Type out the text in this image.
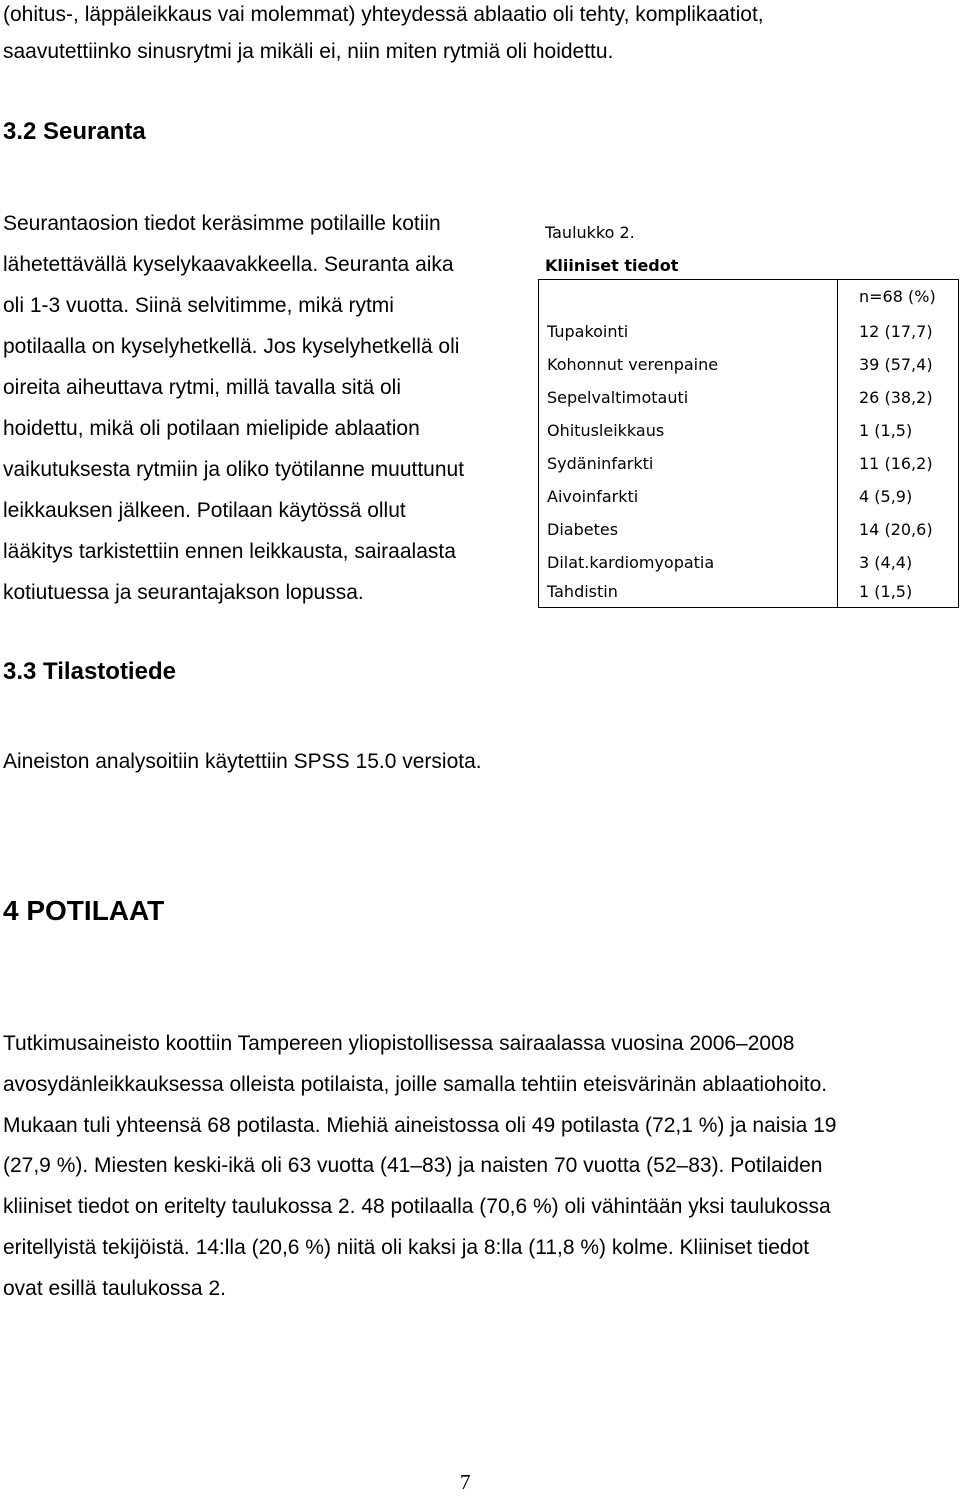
(ohitus-, läppäleikkaus vai molemmat) yhteydessä ablaatio oli tehty, komplikaatiot,
saavutettiinko sinusrytmi ja mikäli ei, niin miten rytmiä oli hoidettu.
3.2 Seuranta
Seurantaosion tiedot keräsimme potilaille kotiin
lähetettävällä kyselykaavakkeella. Seuranta aika
oli 1-3 vuotta. Siinä selvitimme, mikä rytmi
potilaalla on kyselyhetkellä. Jos kyselyhetkellä oli
oireita aiheuttava rytmi, millä tavalla sitä oli
hoidettu, mikä oli potilaan mielipide ablaation
vaikutuksesta rytmiin ja oliko työtilanne muuttunut
leikkauksen jälkeen. Potilaan käytössä ollut
lääkitys tarkistettiin ennen leikkausta, sairaalasta
kotiutuessa ja seurantajakson lopussa.
Taulukko 2.
Kliiniset tiedot
n=68 (%)
Tupakointi	12 (17,7)
Kohonnut verenpaine	39 (57,4)
Sepelvaltimotauti	26 (38,2)
Ohitusleikkaus	1 (1,5)
Sydäninfarkti	11 (16,2)
Aivoinfarkti	4 (5,9)
Diabetes	14 (20,6)
Dilat.kardiomyopatia	3 (4,4)
Tahdistin	1 (1,5)
3.3 Tilastotiede
Aineiston analysoitiin käytettiin SPSS 15.0 versiota.
4 POTILAAT
Tutkimusaineisto koottiin Tampereen yliopistollisessa sairaalassa vuosina 2006–2008
avosydänleikkauksessa olleista potilaista, joille samalla tehtiin eteisvärinän ablaatiohoito.
Mukaan tuli yhteensä 68 potilasta. Miehiä aineistossa oli 49 potilasta (72,1 %) ja naisia 19
(27,9 %). Miesten keski-ikä oli 63 vuotta (41–83) ja naisten 70 vuotta (52–83). Potilaiden
kliiniset tiedot on eritelty taulukossa 2. 48 potilaalla (70,6 %) oli vähintään yksi taulukossa
eritellyistä tekijöistä. 14:lla (20,6 %) niitä oli kaksi ja 8:lla (11,8 %) kolme. Kliiniset tiedot
ovat esillä taulukossa 2.
7
